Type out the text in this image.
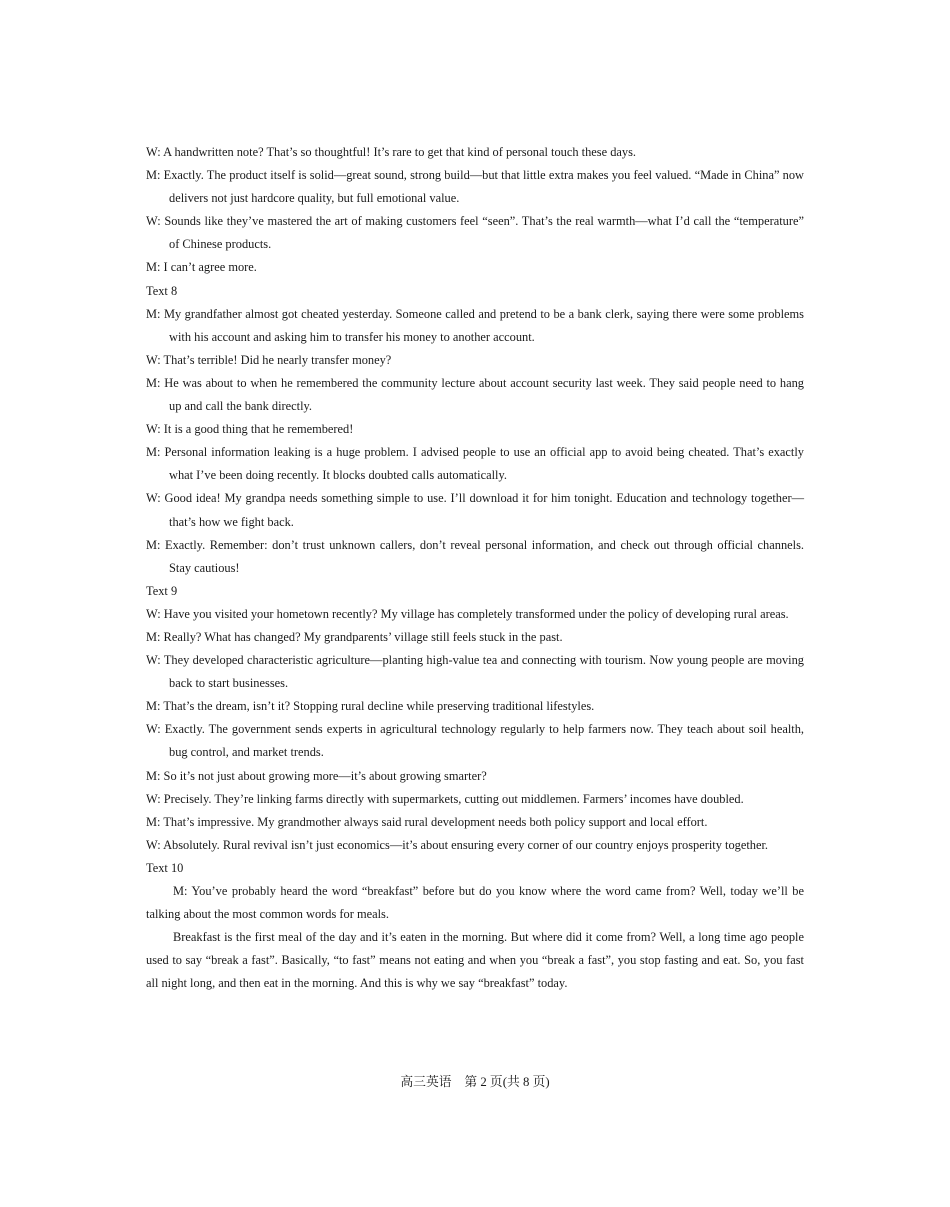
W: A handwritten note? That’s so thoughtful! It’s rare to get that kind of personal touch these days.

M: Exactly. The product itself is solid—great sound, strong build—but that little extra makes you feel valued. “Made in China” now delivers not just hardcore quality, but full emotional value.

W: Sounds like they’ve mastered the art of making customers feel “seen”. That’s the real warmth—what I’d call the “temperature” of Chinese products.

M: I can’t agree more.

Text 8

M: My grandfather almost got cheated yesterday. Someone called and pretend to be a bank clerk, saying there were some problems with his account and asking him to transfer his money to another account.

W: That’s terrible! Did he nearly transfer money?

M: He was about to when he remembered the community lecture about account security last week. They said people need to hang up and call the bank directly.

W: It is a good thing that he remembered!

M: Personal information leaking is a huge problem. I advised people to use an official app to avoid being cheated. That’s exactly what I’ve been doing recently. It blocks doubted calls automatically.

W: Good idea! My grandpa needs something simple to use. I’ll download it for him tonight. Education and technology together—that’s how we fight back.

M: Exactly. Remember: don’t trust unknown callers, don’t reveal personal information, and check out through official channels. Stay cautious!

Text 9

W: Have you visited your hometown recently? My village has completely transformed under the policy of developing rural areas.

M: Really? What has changed? My grandparents’ village still feels stuck in the past.

W: They developed characteristic agriculture—planting high-value tea and connecting with tourism. Now young people are moving back to start businesses.

M: That’s the dream, isn’t it? Stopping rural decline while preserving traditional lifestyles.

W: Exactly. The government sends experts in agricultural technology regularly to help farmers now. They teach about soil health, bug control, and market trends.

M: So it’s not just about growing more—it’s about growing smarter?

W: Precisely. They’re linking farms directly with supermarkets, cutting out middlemen. Farmers’ incomes have doubled.

M: That’s impressive. My grandmother always said rural development needs both policy support and local effort.

W: Absolutely. Rural revival isn’t just economics—it’s about ensuring every corner of our country enjoys prosperity together.

Text 10

M: You’ve probably heard the word “breakfast” before but do you know where the word came from? Well, today we’ll be talking about the most common words for meals.

Breakfast is the first meal of the day and it’s eaten in the morning. But where did it come from? Well, a long time ago people used to say “break a fast”. Basically, “to fast” means not eating and when you “break a fast”, you stop fasting and eat. So, you fast all night long, and then eat in the morning. And this is why we say “breakfast” today.

高三英语　第 2 页(共 8 页)
